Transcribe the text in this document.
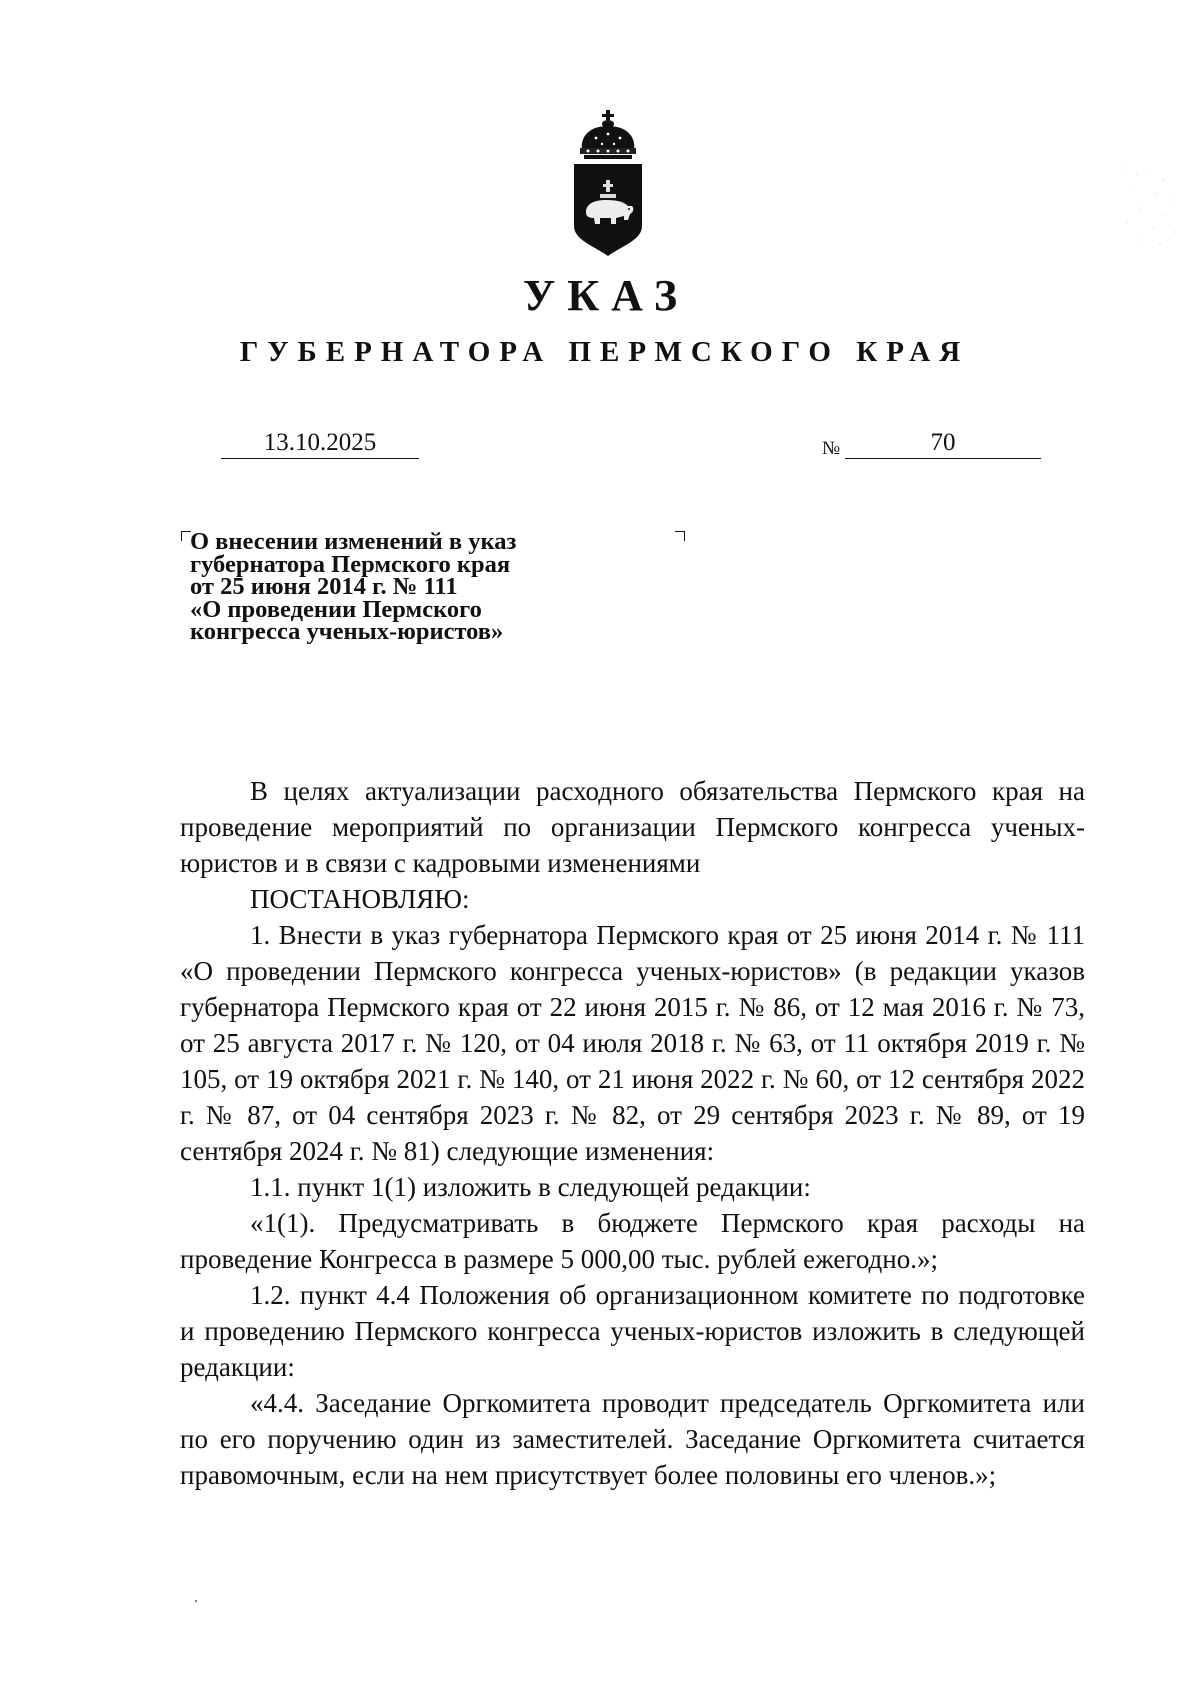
УКАЗ
ГУБЕРНАТОРА ПЕРМСКОГО КРАЯ
13.10.2025	№	70
О внесении изменений в указ
губернатора Пермского края
от 25 июня 2014 г. № 111
«О проведении Пермского
конгресса ученых-юристов»

В целях актуализации расходного обязательства Пермского края на проведение мероприятий по организации Пермского конгресса ученых-юристов и в связи с кадровыми изменениями

ПОСТАНОВЛЯЮ:

1. Внести в указ губернатора Пермского края от 25 июня 2014 г. № 111 «О проведении Пермского конгресса ученых-юристов» (в редакции указов губернатора Пермского края от 22 июня 2015 г. № 86, от 12 мая 2016 г. № 73, от 25 августа 2017 г. № 120, от 04 июля 2018 г. № 63, от 11 октября 2019 г. № 105, от 19 октября 2021 г. № 140, от 21 июня 2022 г. № 60, от 12 сентября 2022 г. № 87, от 04 сентября 2023 г. № 82, от 29 сентября 2023 г. № 89, от 19 сентября 2024 г. № 81) следующие изменения:

1.1. пункт 1(1) изложить в следующей редакции:

«1(1). Предусматривать в бюджете Пермского края расходы на проведение Конгресса в размере 5 000,00 тыс. рублей ежегодно.»;

1.2. пункт 4.4 Положения об организационном комитете по подготовке и проведению Пермского конгресса ученых-юристов изложить в следующей редакции:

«4.4. Заседание Оргкомитета проводит председатель Оргкомитета или по его поручению один из заместителей. Заседание Оргкомитета считается правомочным, если на нем присутствует более половины его членов.»;
